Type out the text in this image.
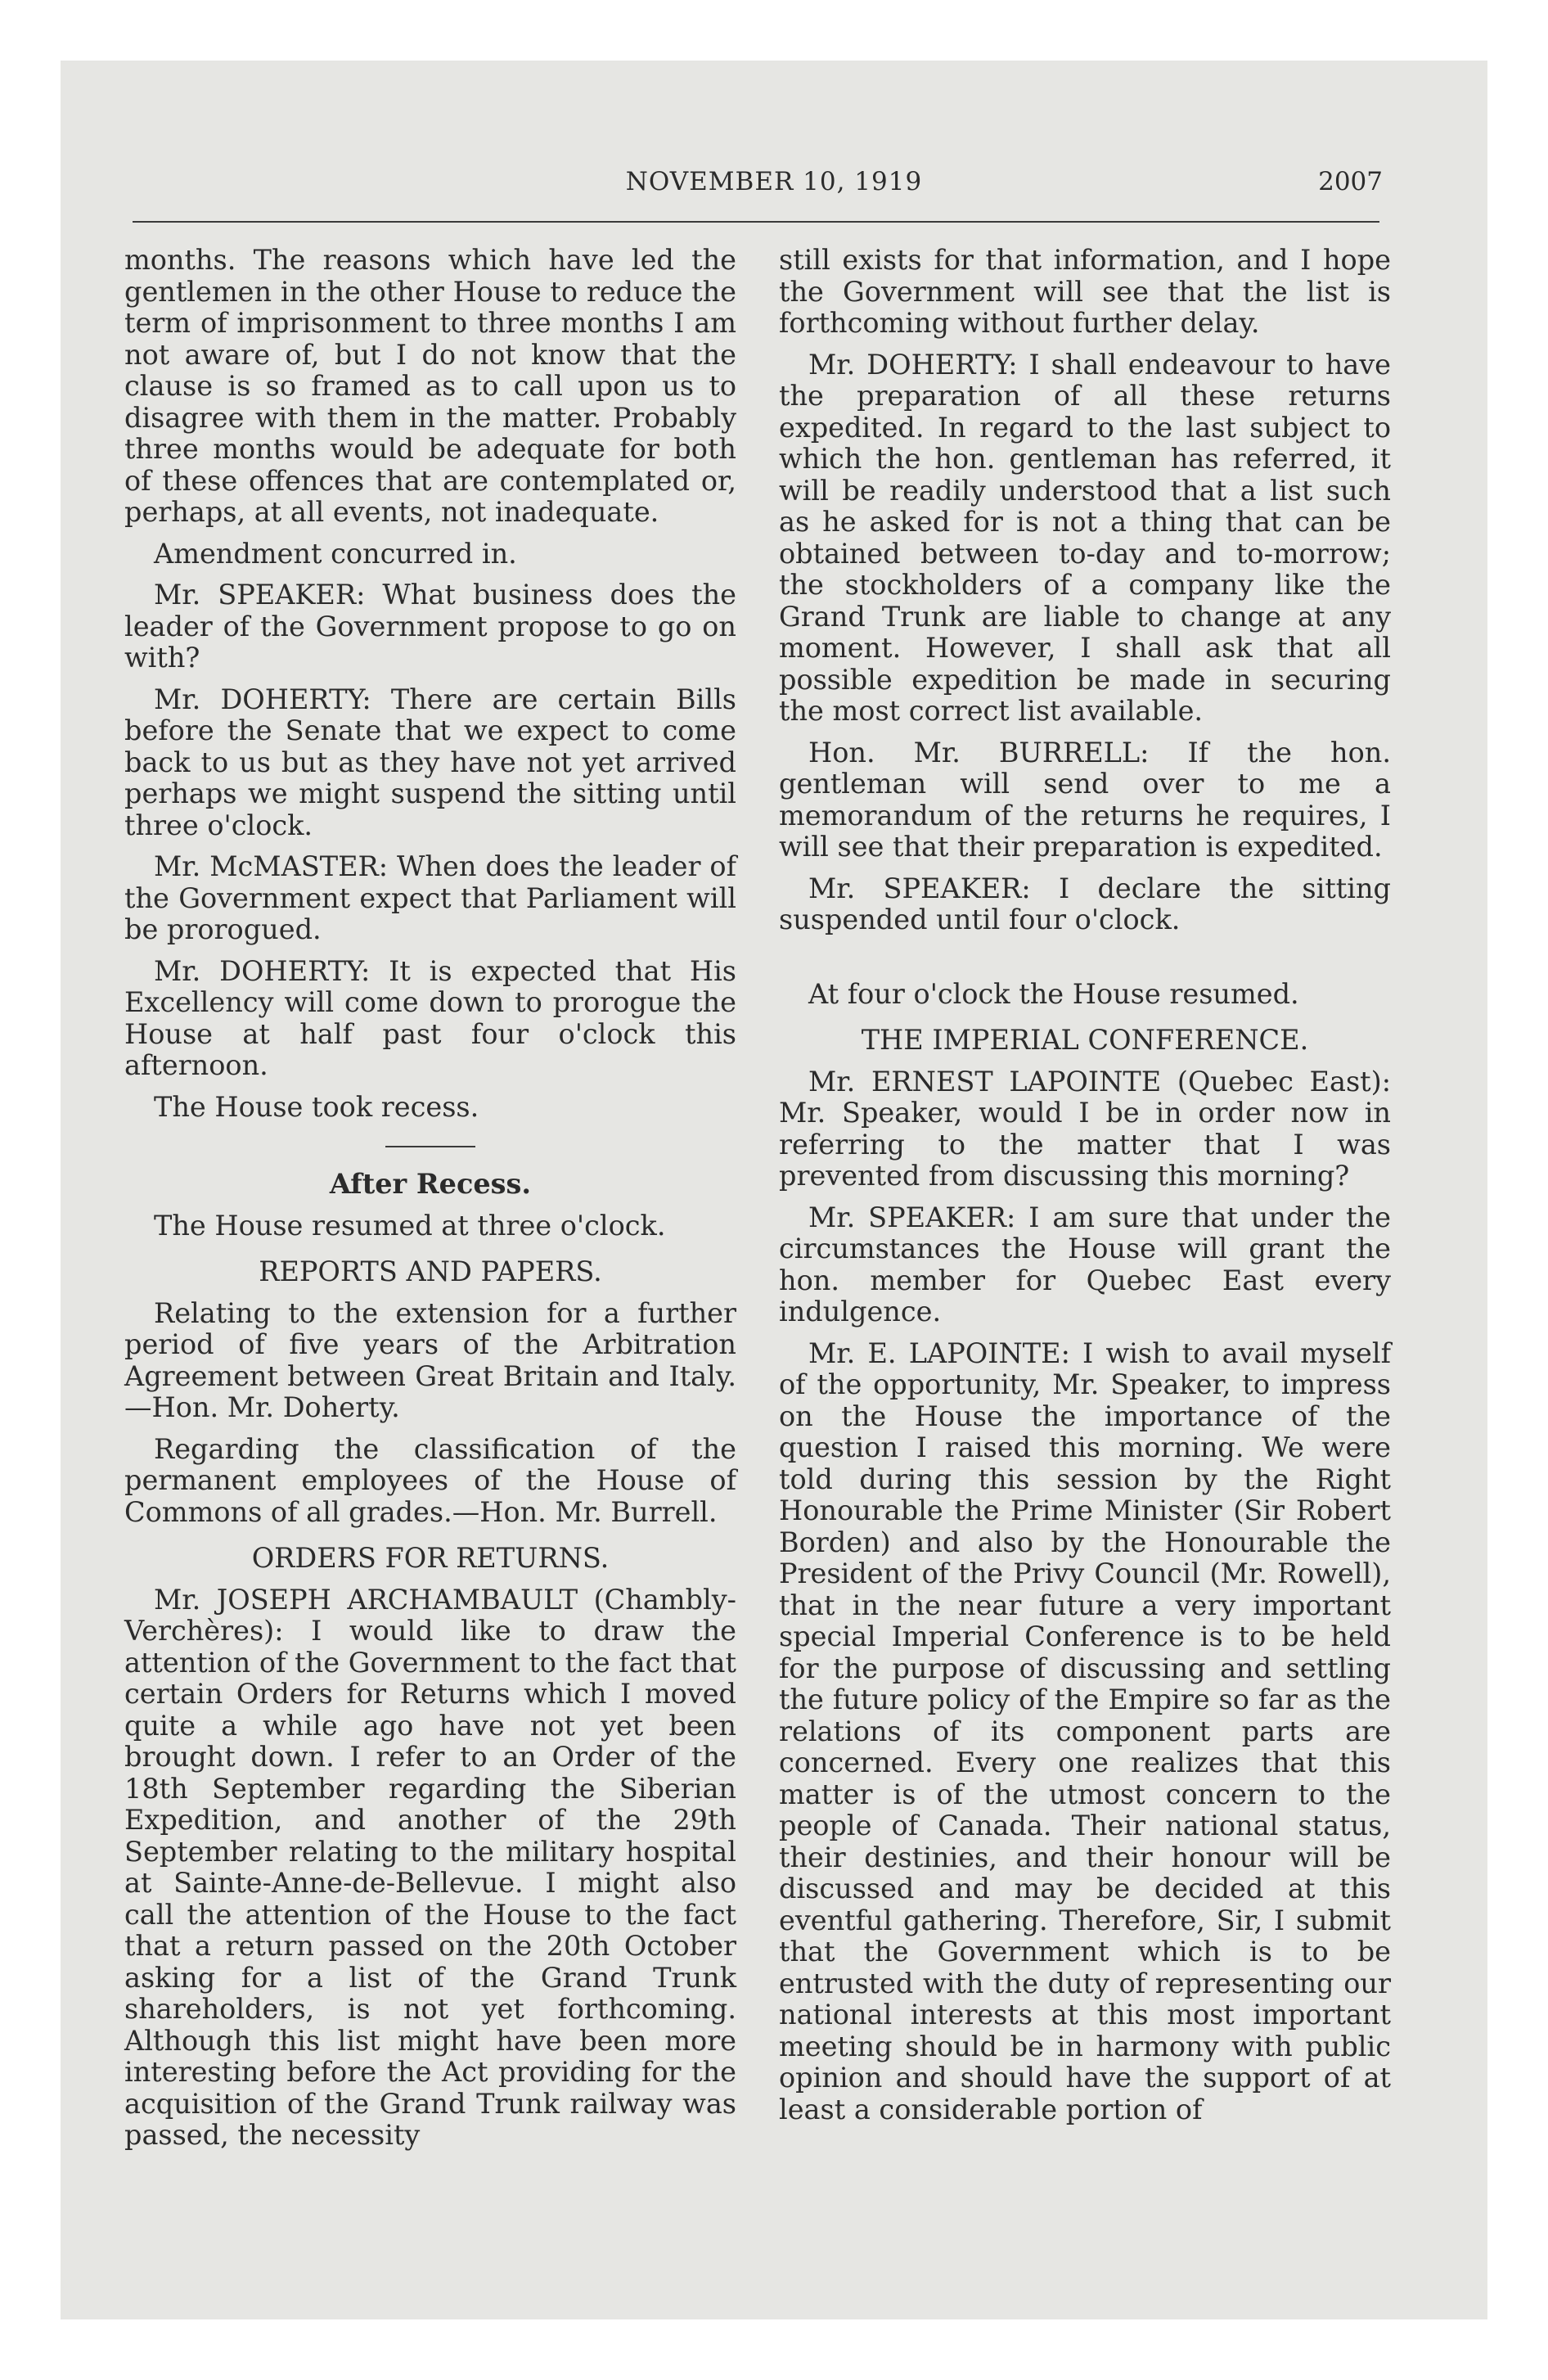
NOVEMBER 10, 1919	2007

months. The reasons which have led the gentlemen in the other House to reduce the term of imprisonment to three months I am not aware of, but I do not know that the clause is so framed as to call upon us to disagree with them in the matter. Probably three months would be adequate for both of these offences that are contemplated or, perhaps, at all events, not inadequate.

Amendment concurred in.

Mr. SPEAKER: What business does the leader of the Government propose to go on with?

Mr. DOHERTY: There are certain Bills before the Senate that we expect to come back to us but as they have not yet arrived perhaps we might suspend the sitting until three o'clock.

Mr. McMASTER: When does the leader of the Government expect that Parliament will be prorogued.

Mr. DOHERTY: It is expected that His Excellency will come down to prorogue the House at half past four o'clock this afternoon.

The House took recess.

After Recess.

The House resumed at three o'clock.

REPORTS AND PAPERS.

Relating to the extension for a further period of five years of the Arbitration Agreement between Great Britain and Italy.—Hon. Mr. Doherty.

Regarding the classification of the permanent employees of the House of Commons of all grades.—Hon. Mr. Burrell.

ORDERS FOR RETURNS.

Mr. JOSEPH ARCHAMBAULT (Chambly-Verchères): I would like to draw the attention of the Government to the fact that certain Orders for Returns which I moved quite a while ago have not yet been brought down. I refer to an Order of the 18th September regarding the Siberian Expedition, and another of the 29th September relating to the military hospital at Sainte-Anne-de-Bellevue. I might also call the attention of the House to the fact that a return passed on the 20th October asking for a list of the Grand Trunk shareholders, is not yet forthcoming. Although this list might have been more interesting before the Act providing for the acquisition of the Grand Trunk railway was passed, the necessity

still exists for that information, and I hope the Government will see that the list is forthcoming without further delay.

Mr. DOHERTY: I shall endeavour to have the preparation of all these returns expedited. In regard to the last subject to which the hon. gentleman has referred, it will be readily understood that a list such as he asked for is not a thing that can be obtained between to-day and to-morrow; the stockholders of a company like the Grand Trunk are liable to change at any moment. However, I shall ask that all possible expedition be made in securing the most correct list available.

Hon. Mr. BURRELL: If the hon. gentleman will send over to me a memorandum of the returns he requires, I will see that their preparation is expedited.

Mr. SPEAKER: I declare the sitting suspended until four o'clock.

At four o'clock the House resumed.

THE IMPERIAL CONFERENCE.

Mr. ERNEST LAPOINTE (Quebec East): Mr. Speaker, would I be in order now in referring to the matter that I was prevented from discussing this morning?

Mr. SPEAKER: I am sure that under the circumstances the House will grant the hon. member for Quebec East every indulgence.

Mr. E. LAPOINTE: I wish to avail myself of the opportunity, Mr. Speaker, to impress on the House the importance of the question I raised this morning. We were told during this session by the Right Honourable the Prime Minister (Sir Robert Borden) and also by the Honourable the President of the Privy Council (Mr. Rowell), that in the near future a very important special Imperial Conference is to be held for the purpose of discussing and settling the future policy of the Empire so far as the relations of its component parts are concerned. Every one realizes that this matter is of the utmost concern to the people of Canada. Their national status, their destinies, and their honour will be discussed and may be decided at this eventful gathering. Therefore, Sir, I submit that the Government which is to be entrusted with the duty of representing our national interests at this most important meeting should be in harmony with public opinion and should have the support of at least a considerable portion of
